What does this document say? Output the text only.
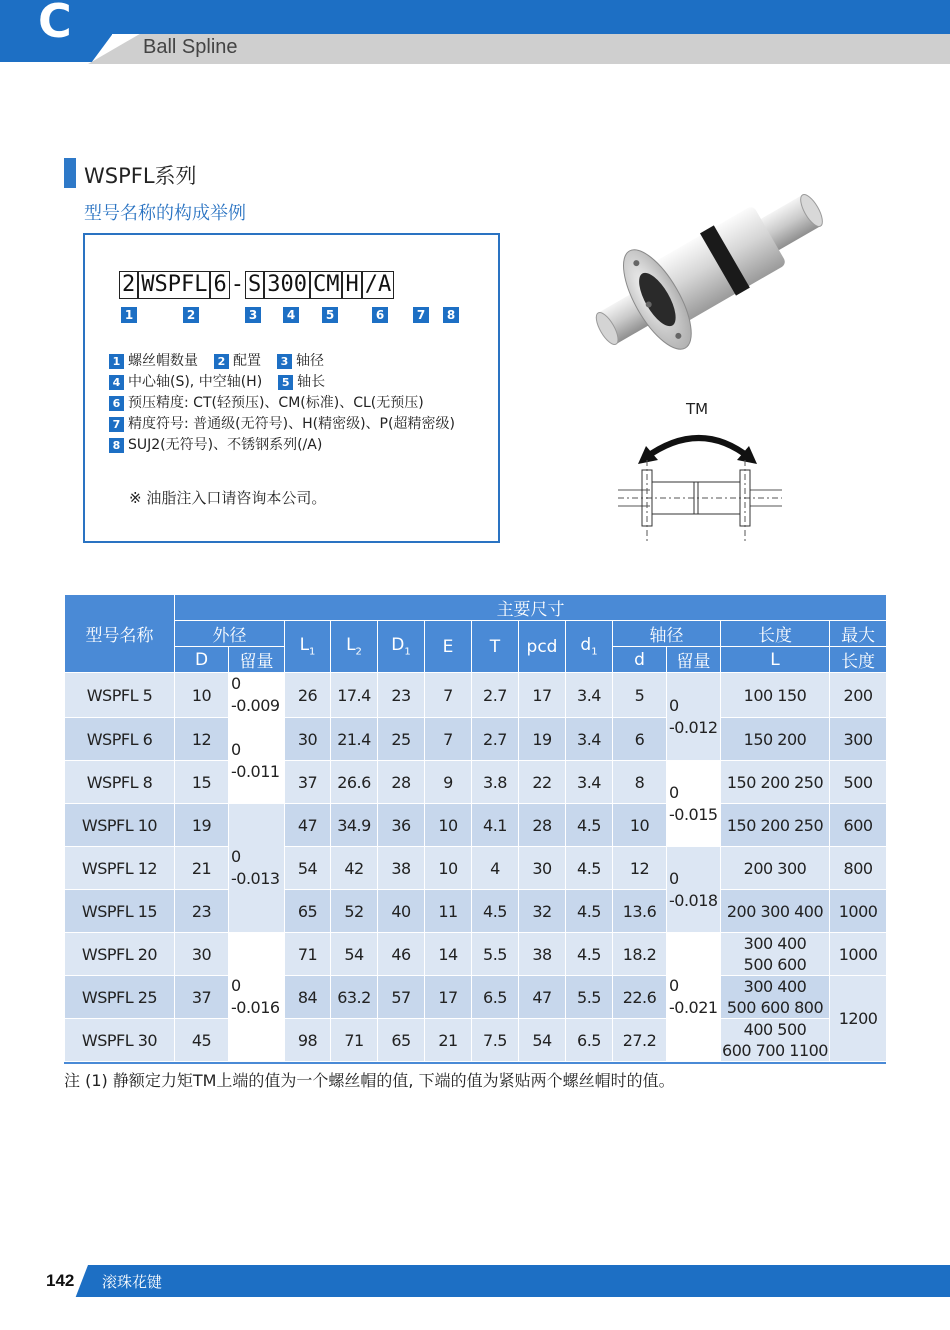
C	Ball Spline
WSPFL系列
型号名称的构成举例
2 WSPFL 6 - S 300 CM H /A
1	2	3	4	5	6	7	8
1 螺丝帽数量	2 配置	3 轴径
4 中心轴(S), 中空轴(H)	5 轴长
6 预压精度: CT(轻预压)、CM(标准)、CL(无预压)
7 精度符号: 普通级(无符号)、H(精密级)、P(超精密级)
8 SUJ2(无符号)、不锈钢系列(/A)
※ 油脂注入口请咨询本公司。
TM
型号名称	主要尺寸												
	外径		$L_1$	$L_2$	$D_1$	E	T	pcd	$d_1$	轴径		长度	最大
	D	留量								d	留量	L	长度
WSPFL 5	10	0
-0.009	26	17.4	23	7	2.7	17	3.4	5	0
-0.012	100 150	200
WSPFL 6	12	0
-0.011	30	21.4	25	7	2.7	19	3.4	6		150 200	300
WSPFL 8	15		37	26.6	28	9	3.8	22	3.4	8	0
-0.015	150 200 250	500
WSPFL 10	19	0
-0.013	47	34.9	36	10	4.1	28	4.5	10		150 200 250	600
WSPFL 12	21		54	42	38	10	4	30	4.5	12	0
-0.018	200 300	800
WSPFL 15	23		65	52	40	11	4.5	32	4.5	13.6		200 300 400	1000
WSPFL 20	30	0
-0.016	71	54	46	14	5.5	38	4.5	18.2	0
-0.021	300 400
500 600	1000
WSPFL 25	37		84	63.2	57	17	6.5	47	5.5	22.6		300 400
500 600 800	1200
WSPFL 30	45		98	71	65	21	7.5	54	6.5	27.2		400 500
600 700 1100	
注 (1) 静额定力矩TM上端的值为一个螺丝帽的值, 下端的值为紧贴两个螺丝帽时的值。
142 滚珠花键
